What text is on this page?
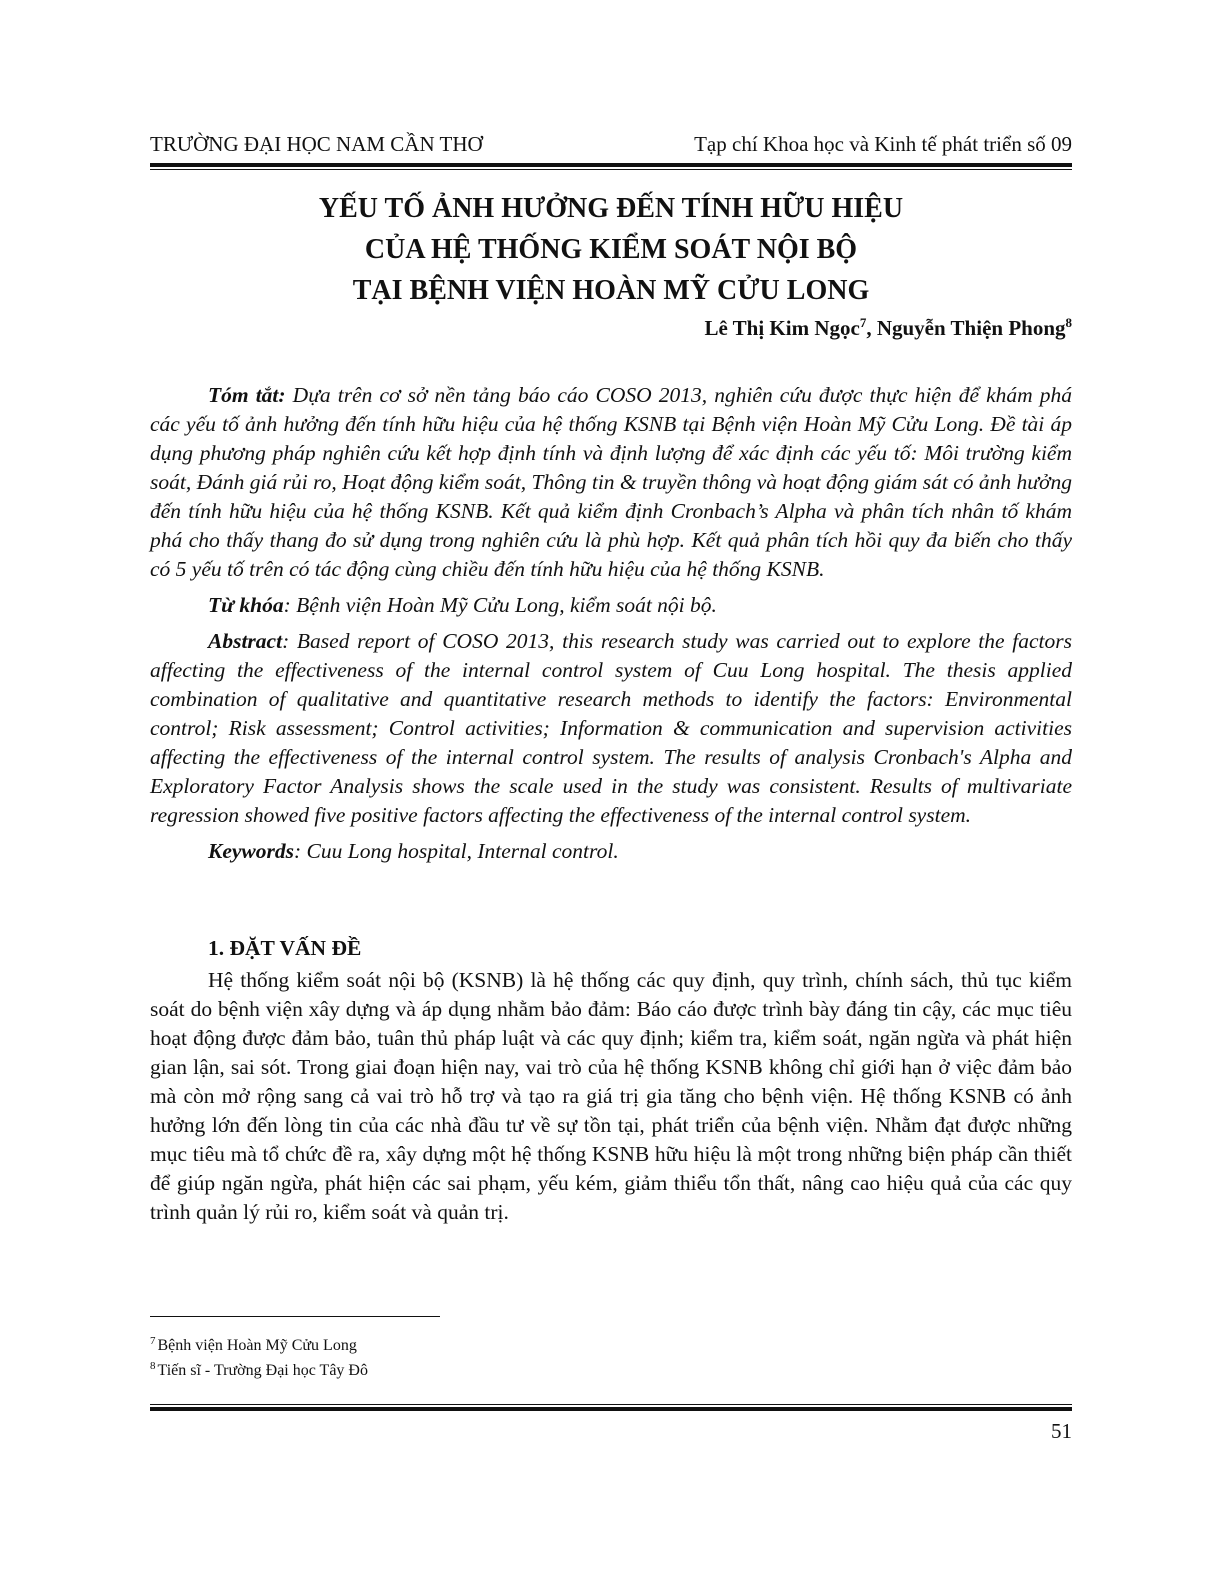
TRƯỜNG ĐẠI HỌC NAM CẦN THƠ	Tạp chí Khoa học và Kinh tế phát triển số 09
YẾU TỐ ẢNH HƯỞNG ĐẾN TÍNH HỮU HIỆU
CỦA HỆ THỐNG KIỂM SOÁT NỘI BỘ
TẠI BỆNH VIỆN HOÀN MỸ CỬU LONG
Lê Thị Kim Ngọc$^7$, Nguyễn Thiện Phong$^8$

Tóm tắt: Dựa trên cơ sở nền tảng báo cáo COSO 2013, nghiên cứu được thực hiện để khám phá các yếu tố ảnh hưởng đến tính hữu hiệu của hệ thống KSNB tại Bệnh viện Hoàn Mỹ Cửu Long. Đề tài áp dụng phương pháp nghiên cứu kết hợp định tính và định lượng để xác định các yếu tố: Môi trường kiểm soát, Đánh giá rủi ro, Hoạt động kiểm soát, Thông tin & truyền thông và hoạt động giám sát có ảnh hưởng đến tính hữu hiệu của hệ thống KSNB. Kết quả kiểm định Cronbach’s Alpha và phân tích nhân tố khám phá cho thấy thang đo sử dụng trong nghiên cứu là phù hợp. Kết quả phân tích hồi quy đa biến cho thấy có 5 yếu tố trên có tác động cùng chiều đến tính hữu hiệu của hệ thống KSNB.

Từ khóa: Bệnh viện Hoàn Mỹ Cửu Long, kiểm soát nội bộ.

Abstract: Based report of COSO 2013, this research study was carried out to explore the factors affecting the effectiveness of the internal control system of Cuu Long hospital. The thesis applied combination of qualitative and quantitative research methods to identify the factors: Environmental control; Risk assessment; Control activities; Information & communication and supervision activities affecting the effectiveness of the internal control system. The results of analysis Cronbach's Alpha and Exploratory Factor Analysis shows the scale used in the study was consistent. Results of multivariate regression showed five positive factors affecting the effectiveness of the internal control system.

Keywords: Cuu Long hospital, Internal control.

1. ĐẶT VẤN ĐỀ

Hệ thống kiểm soát nội bộ (KSNB) là hệ thống các quy định, quy trình, chính sách, thủ tục kiểm soát do bệnh viện xây dựng và áp dụng nhằm bảo đảm: Báo cáo được trình bày đáng tin cậy, các mục tiêu hoạt động được đảm bảo, tuân thủ pháp luật và các quy định; kiểm tra, kiểm soát, ngăn ngừa và phát hiện gian lận, sai sót. Trong giai đoạn hiện nay, vai trò của hệ thống KSNB không chỉ giới hạn ở việc đảm bảo mà còn mở rộng sang cả vai trò hỗ trợ và tạo ra giá trị gia tăng cho bệnh viện. Hệ thống KSNB có ảnh hưởng lớn đến lòng tin của các nhà đầu tư về sự tồn tại, phát triển của bệnh viện. Nhằm đạt được những mục tiêu mà tổ chức đề ra, xây dựng một hệ thống KSNB hữu hiệu là một trong những biện pháp cần thiết để giúp ngăn ngừa, phát hiện các sai phạm, yếu kém, giảm thiểu tổn thất, nâng cao hiệu quả của các quy trình quản lý rủi ro, kiểm soát và quản trị.

$^7$ Bệnh viện Hoàn Mỹ Cửu Long
$^8$ Tiến sĩ - Trường Đại học Tây Đô
51
